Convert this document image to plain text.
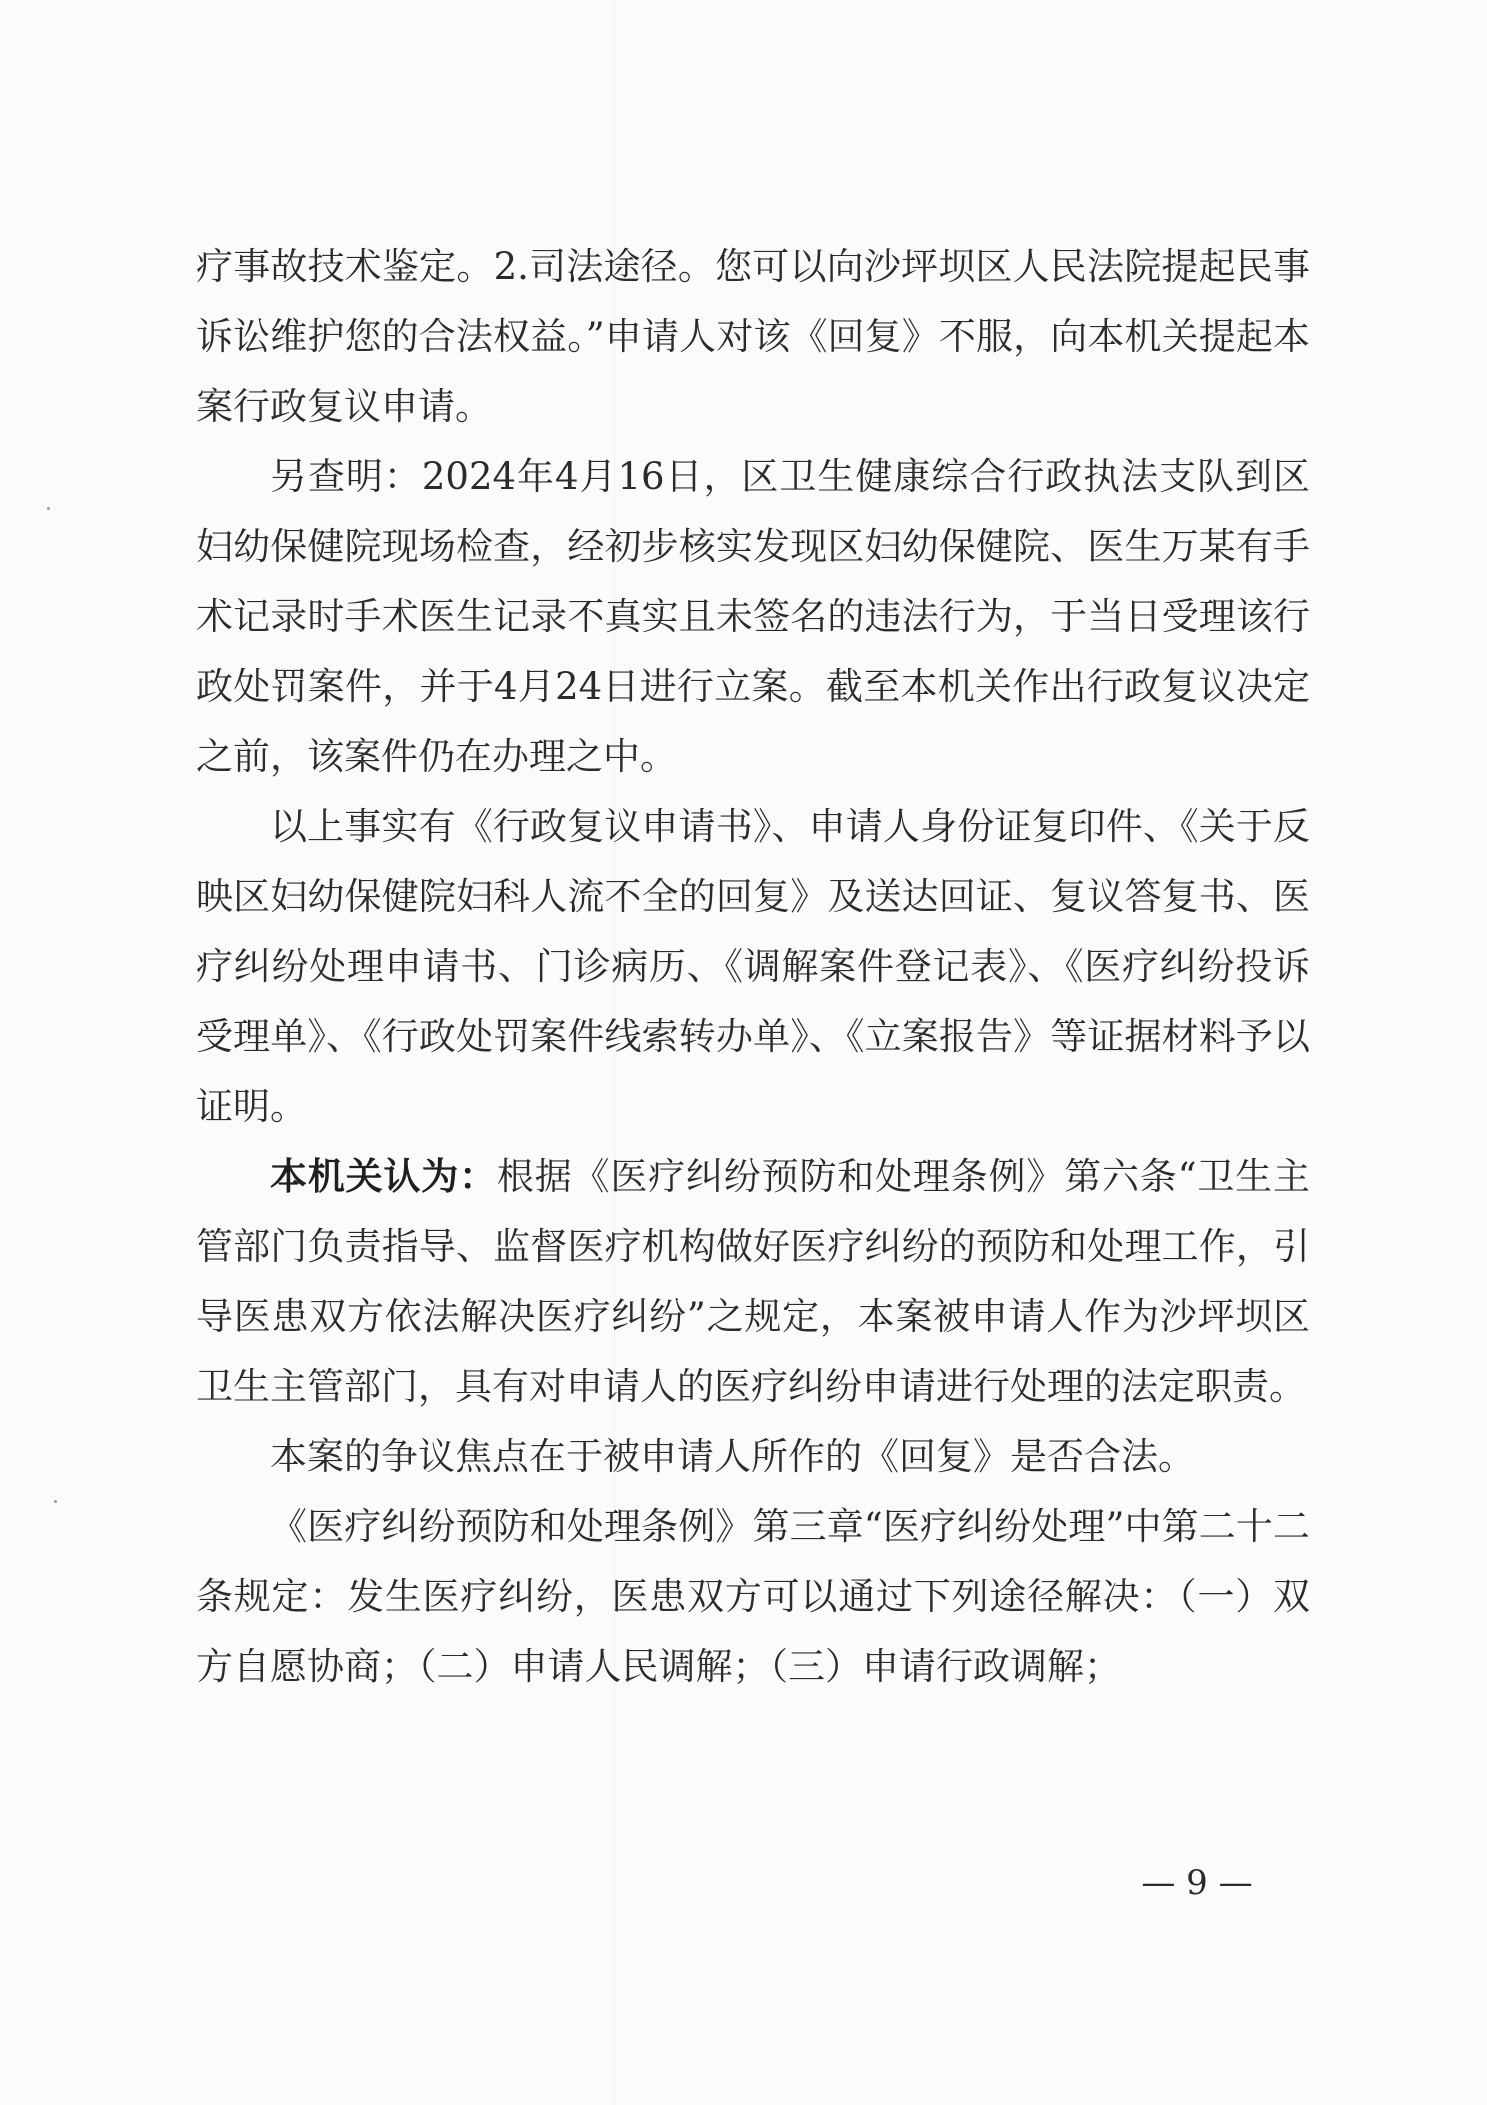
疗事故技术鉴定。2.司法途径。您可以向沙坪坝区人民法院提起民事诉讼维护您的合法权益。”申请人对该《回复》不服，向本机关提起本案行政复议申请。

另查明：2024年4月16日，区卫生健康综合行政执法支队到区妇幼保健院现场检查，经初步核实发现区妇幼保健院、医生万某有手术记录时手术医生记录不真实且未签名的违法行为，于当日受理该行政处罚案件，并于4月24日进行立案。截至本机关作出行政复议决定之前，该案件仍在办理之中。

以上事实有《行政复议申请书》、申请人身份证复印件、《关于反映区妇幼保健院妇科人流不全的回复》及送达回证、复议答复书、医疗纠纷处理申请书、门诊病历、《调解案件登记表》、《医疗纠纷投诉受理单》、《行政处罚案件线索转办单》、《立案报告》等证据材料予以证明。

本机关认为：根据《医疗纠纷预防和处理条例》第六条“卫生主管部门负责指导、监督医疗机构做好医疗纠纷的预防和处理工作，引导医患双方依法解决医疗纠纷”之规定，本案被申请人作为沙坪坝区卫生主管部门，具有对申请人的医疗纠纷申请进行处理的法定职责。

本案的争议焦点在于被申请人所作的《回复》是否合法。

《医疗纠纷预防和处理条例》第三章“医疗纠纷处理”中第二十二条规定：发生医疗纠纷，医患双方可以通过下列途径解决：（一）双方自愿协商；（二）申请人民调解；（三）申请行政调解；

— 9 —
